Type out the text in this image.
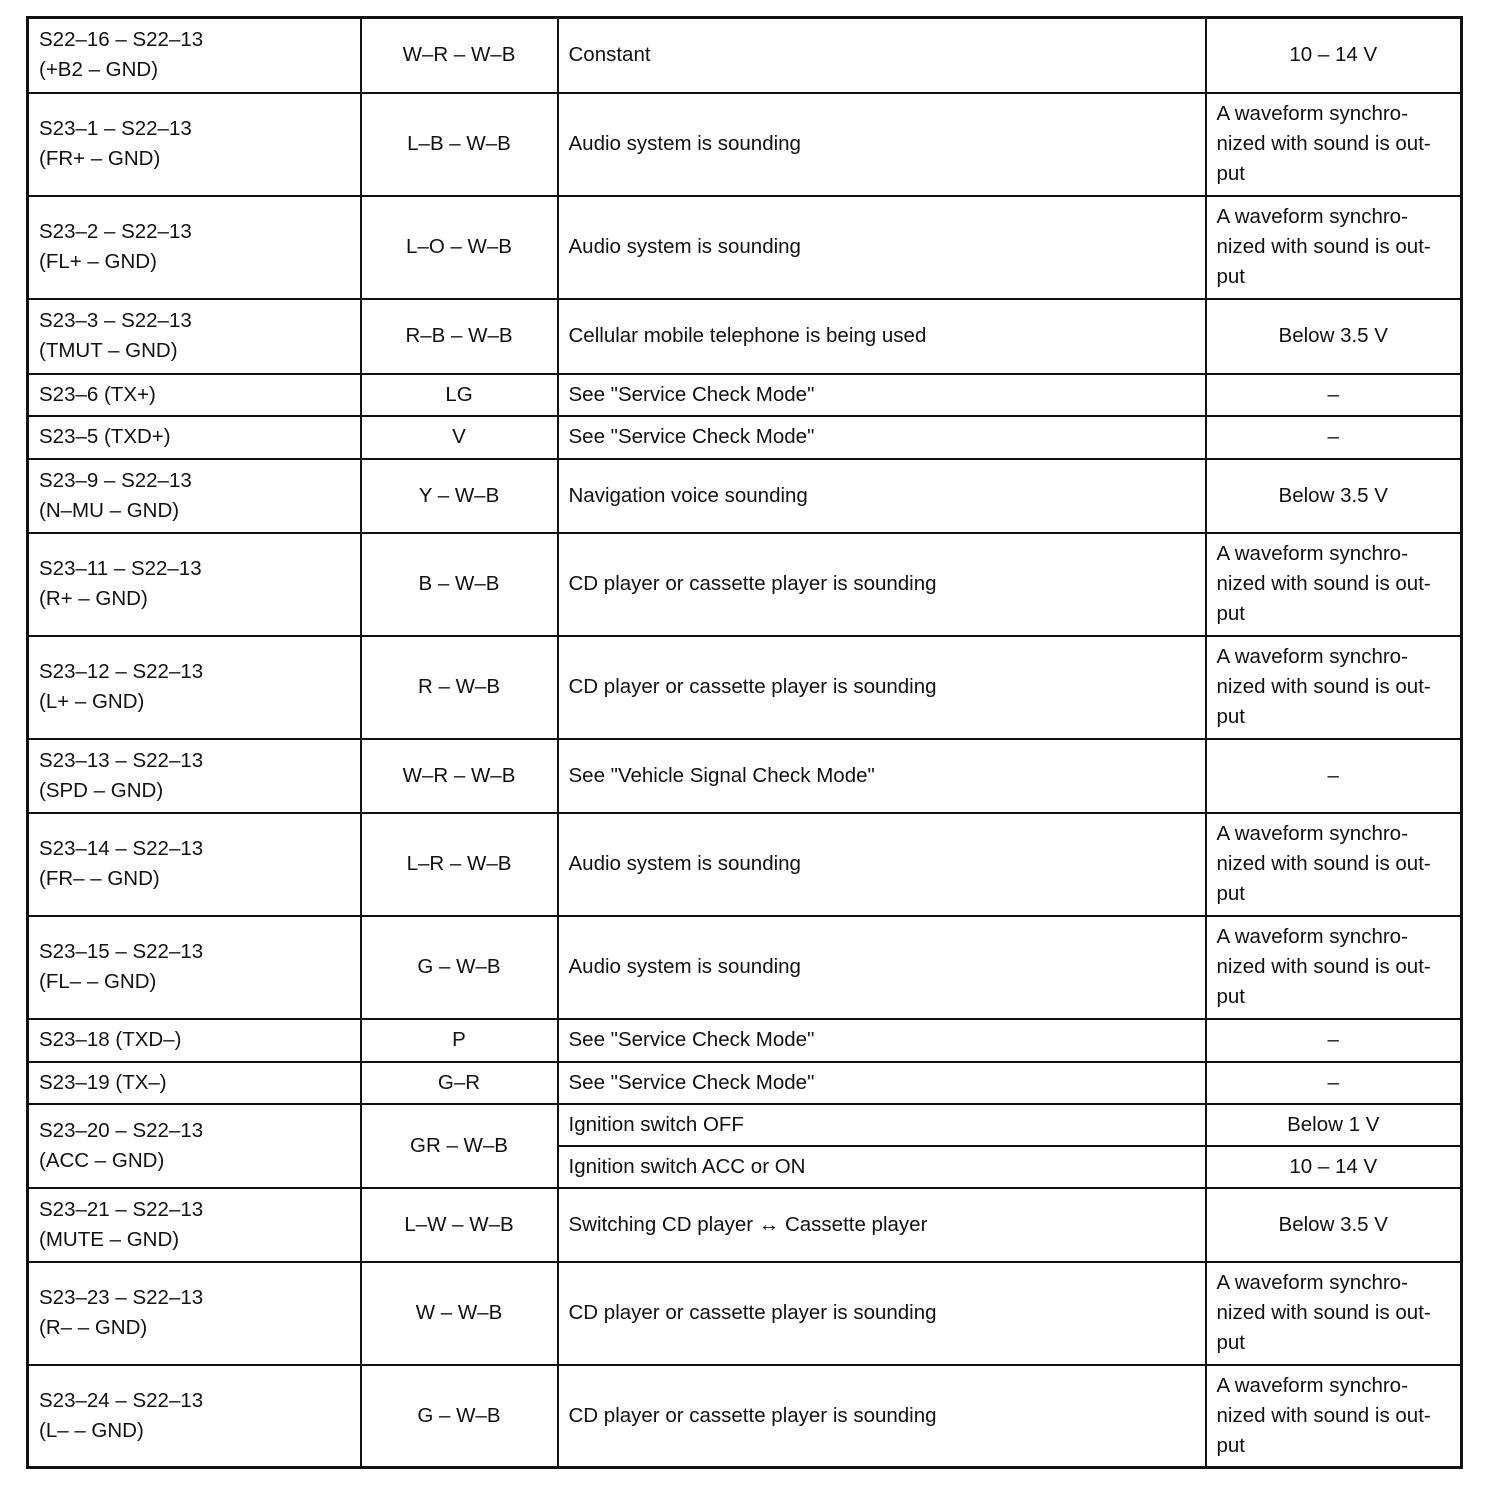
S22–16 – S22–13
(+B2 – GND)	W–R – W–B	Constant	10 – 14 V

S23–1 – S22–13
(FR+ – GND)	L–B – W–B	Audio system is sounding	A waveform synchro-
nized with sound is out-
put

S23–2 – S22–13
(FL+ – GND)	L–O – W–B	Audio system is sounding	A waveform synchro-
nized with sound is out-
put

S23–3 – S22–13
(TMUT – GND)	R–B – W–B	Cellular mobile telephone is being used	Below 3.5 V

S23–6 (TX+)	LG	See "Service Check Mode"	–

S23–5 (TXD+)	V	See "Service Check Mode"	–

S23–9 – S22–13
(N–MU – GND)	Y – W–B	Navigation voice sounding	Below 3.5 V

S23–11 – S22–13
(R+ – GND)	B – W–B	CD player or cassette player is sounding	A waveform synchro-
nized with sound is out-
put

S23–12 – S22–13
(L+ – GND)	R – W–B	CD player or cassette player is sounding	A waveform synchro-
nized with sound is out-
put

S23–13 – S22–13
(SPD – GND)	W–R – W–B	See "Vehicle Signal Check Mode"	–

S23–14 – S22–13
(FR– – GND)	L–R – W–B	Audio system is sounding	A waveform synchro-
nized with sound is out-
put

S23–15 – S22–13
(FL– – GND)	G – W–B	Audio system is sounding	A waveform synchro-
nized with sound is out-
put

S23–18 (TXD–)	P	See "Service Check Mode"	–

S23–19 (TX–)	G–R	See "Service Check Mode"	–

S23–20 – S22–13
(ACC – GND)	GR – W–B	Ignition switch OFF	Below 1 V

		Ignition switch ACC or ON	10 – 14 V

S23–21 – S22–13
(MUTE – GND)	L–W – W–B	Switching CD player ↔ Cassette player	Below 3.5 V

S23–23 – S22–13
(R– – GND)	W – W–B	CD player or cassette player is sounding	A waveform synchro-
nized with sound is out-
put

S23–24 – S22–13
(L– – GND)	G – W–B	CD player or cassette player is sounding	A waveform synchro-
nized with sound is out-
put
